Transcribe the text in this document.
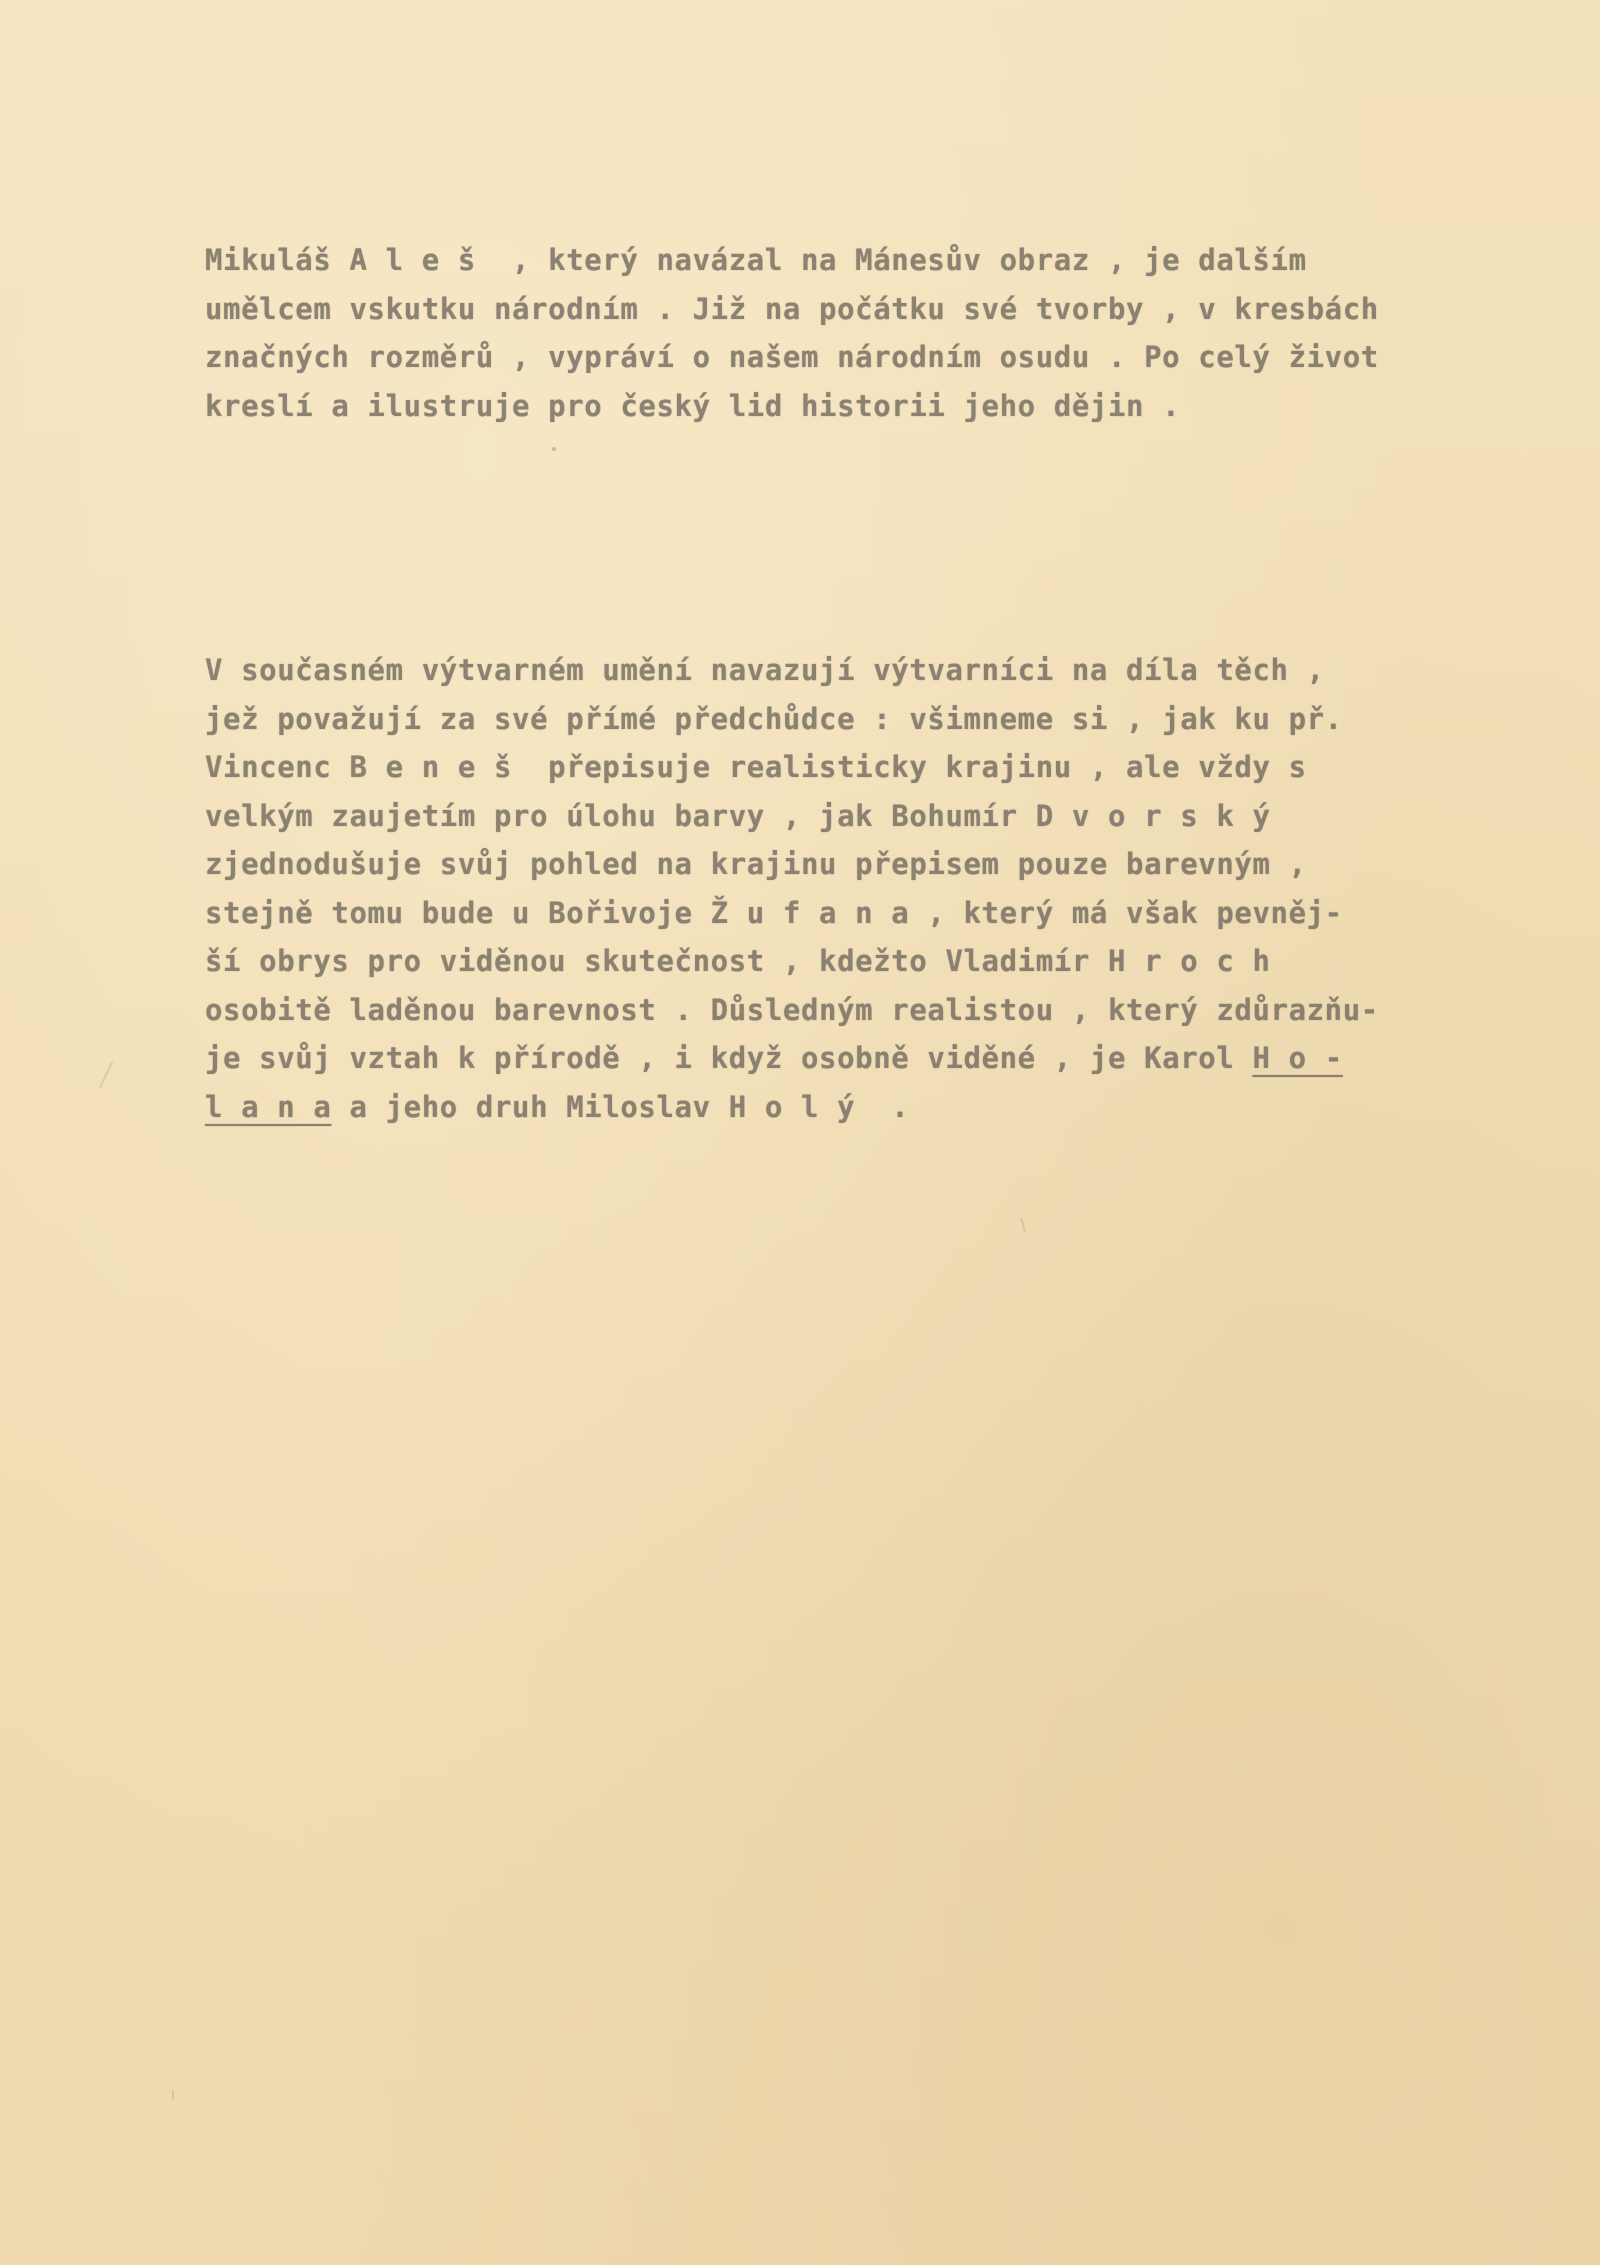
Mikuláš A l e š  , který navázal na Mánesův obraz , je dalším
umělcem vskutku národním . Již na počátku své tvorby , v kresbách
značných rozměrů , vypráví o našem národním osudu . Po celý život
kreslí a ilustruje pro český lid historii jeho dějin .
V současném výtvarném umění navazují výtvarníci na díla těch ,
jež považují za své přímé předchůdce : všimneme si , jak ku př.
Vincenc B e n e š  přepisuje realisticky krajinu , ale vždy s
velkým zaujetím pro úlohu barvy , jak Bohumír D v o r s k ý
zjednodušuje svůj pohled na krajinu přepisem pouze barevným ,
stejně tomu bude u Bořivoje Ž u f a n a , který má však pevněj-
ší obrys pro viděnou skutečnost , kdežto Vladimír H r o c h
osobitě laděnou barevnost . Důsledným realistou , který zdůrazňu-
je svůj vztah k přírodě , i když osobně viděné , je Karol H o -
l a n a a jeho druh Miloslav H o l ý  .
